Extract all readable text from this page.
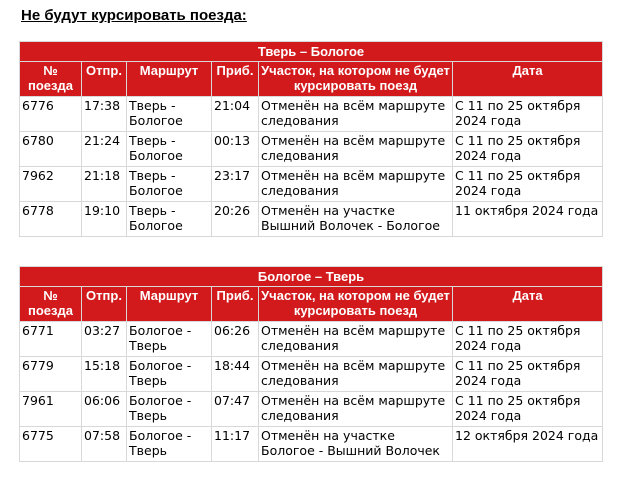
Не будут курсировать поезда:
Тверь – Бологое					
№ поезда	Отпр.	Маршрут	Приб.	Участок, на котором не будет курсировать поезд	Дата
6776	17:38	Тверь - Бологое	21:04	Отменён на всём маршруте следования	С 11 по 25 октября 2024 года
6780	21:24	Тверь - Бологое	00:13	Отменён на всём маршруте следования	С 11 по 25 октября 2024 года
7962	21:18	Тверь - Бологое	23:17	Отменён на всём маршруте следования	С 11 по 25 октября 2024 года
6778	19:10	Тверь - Бологое	20:26	Отменён на участке Вышний Волочек - Бологое	11 октября 2024 года
Бологое – Тверь					
№ поезда	Отпр.	Маршрут	Приб.	Участок, на котором не будет курсировать поезд	Дата
6771	03:27	Бологое - Тверь	06:26	Отменён на всём маршруте следования	С 11 по 25 октября 2024 года
6779	15:18	Бологое - Тверь	18:44	Отменён на всём маршруте следования	С 11 по 25 октября 2024 года
7961	06:06	Бологое - Тверь	07:47	Отменён на всём маршруте следования	С 11 по 25 октября 2024 года
6775	07:58	Бологое - Тверь	11:17	Отменён на участке Бологое - Вышний Волочек	12 октября 2024 года
